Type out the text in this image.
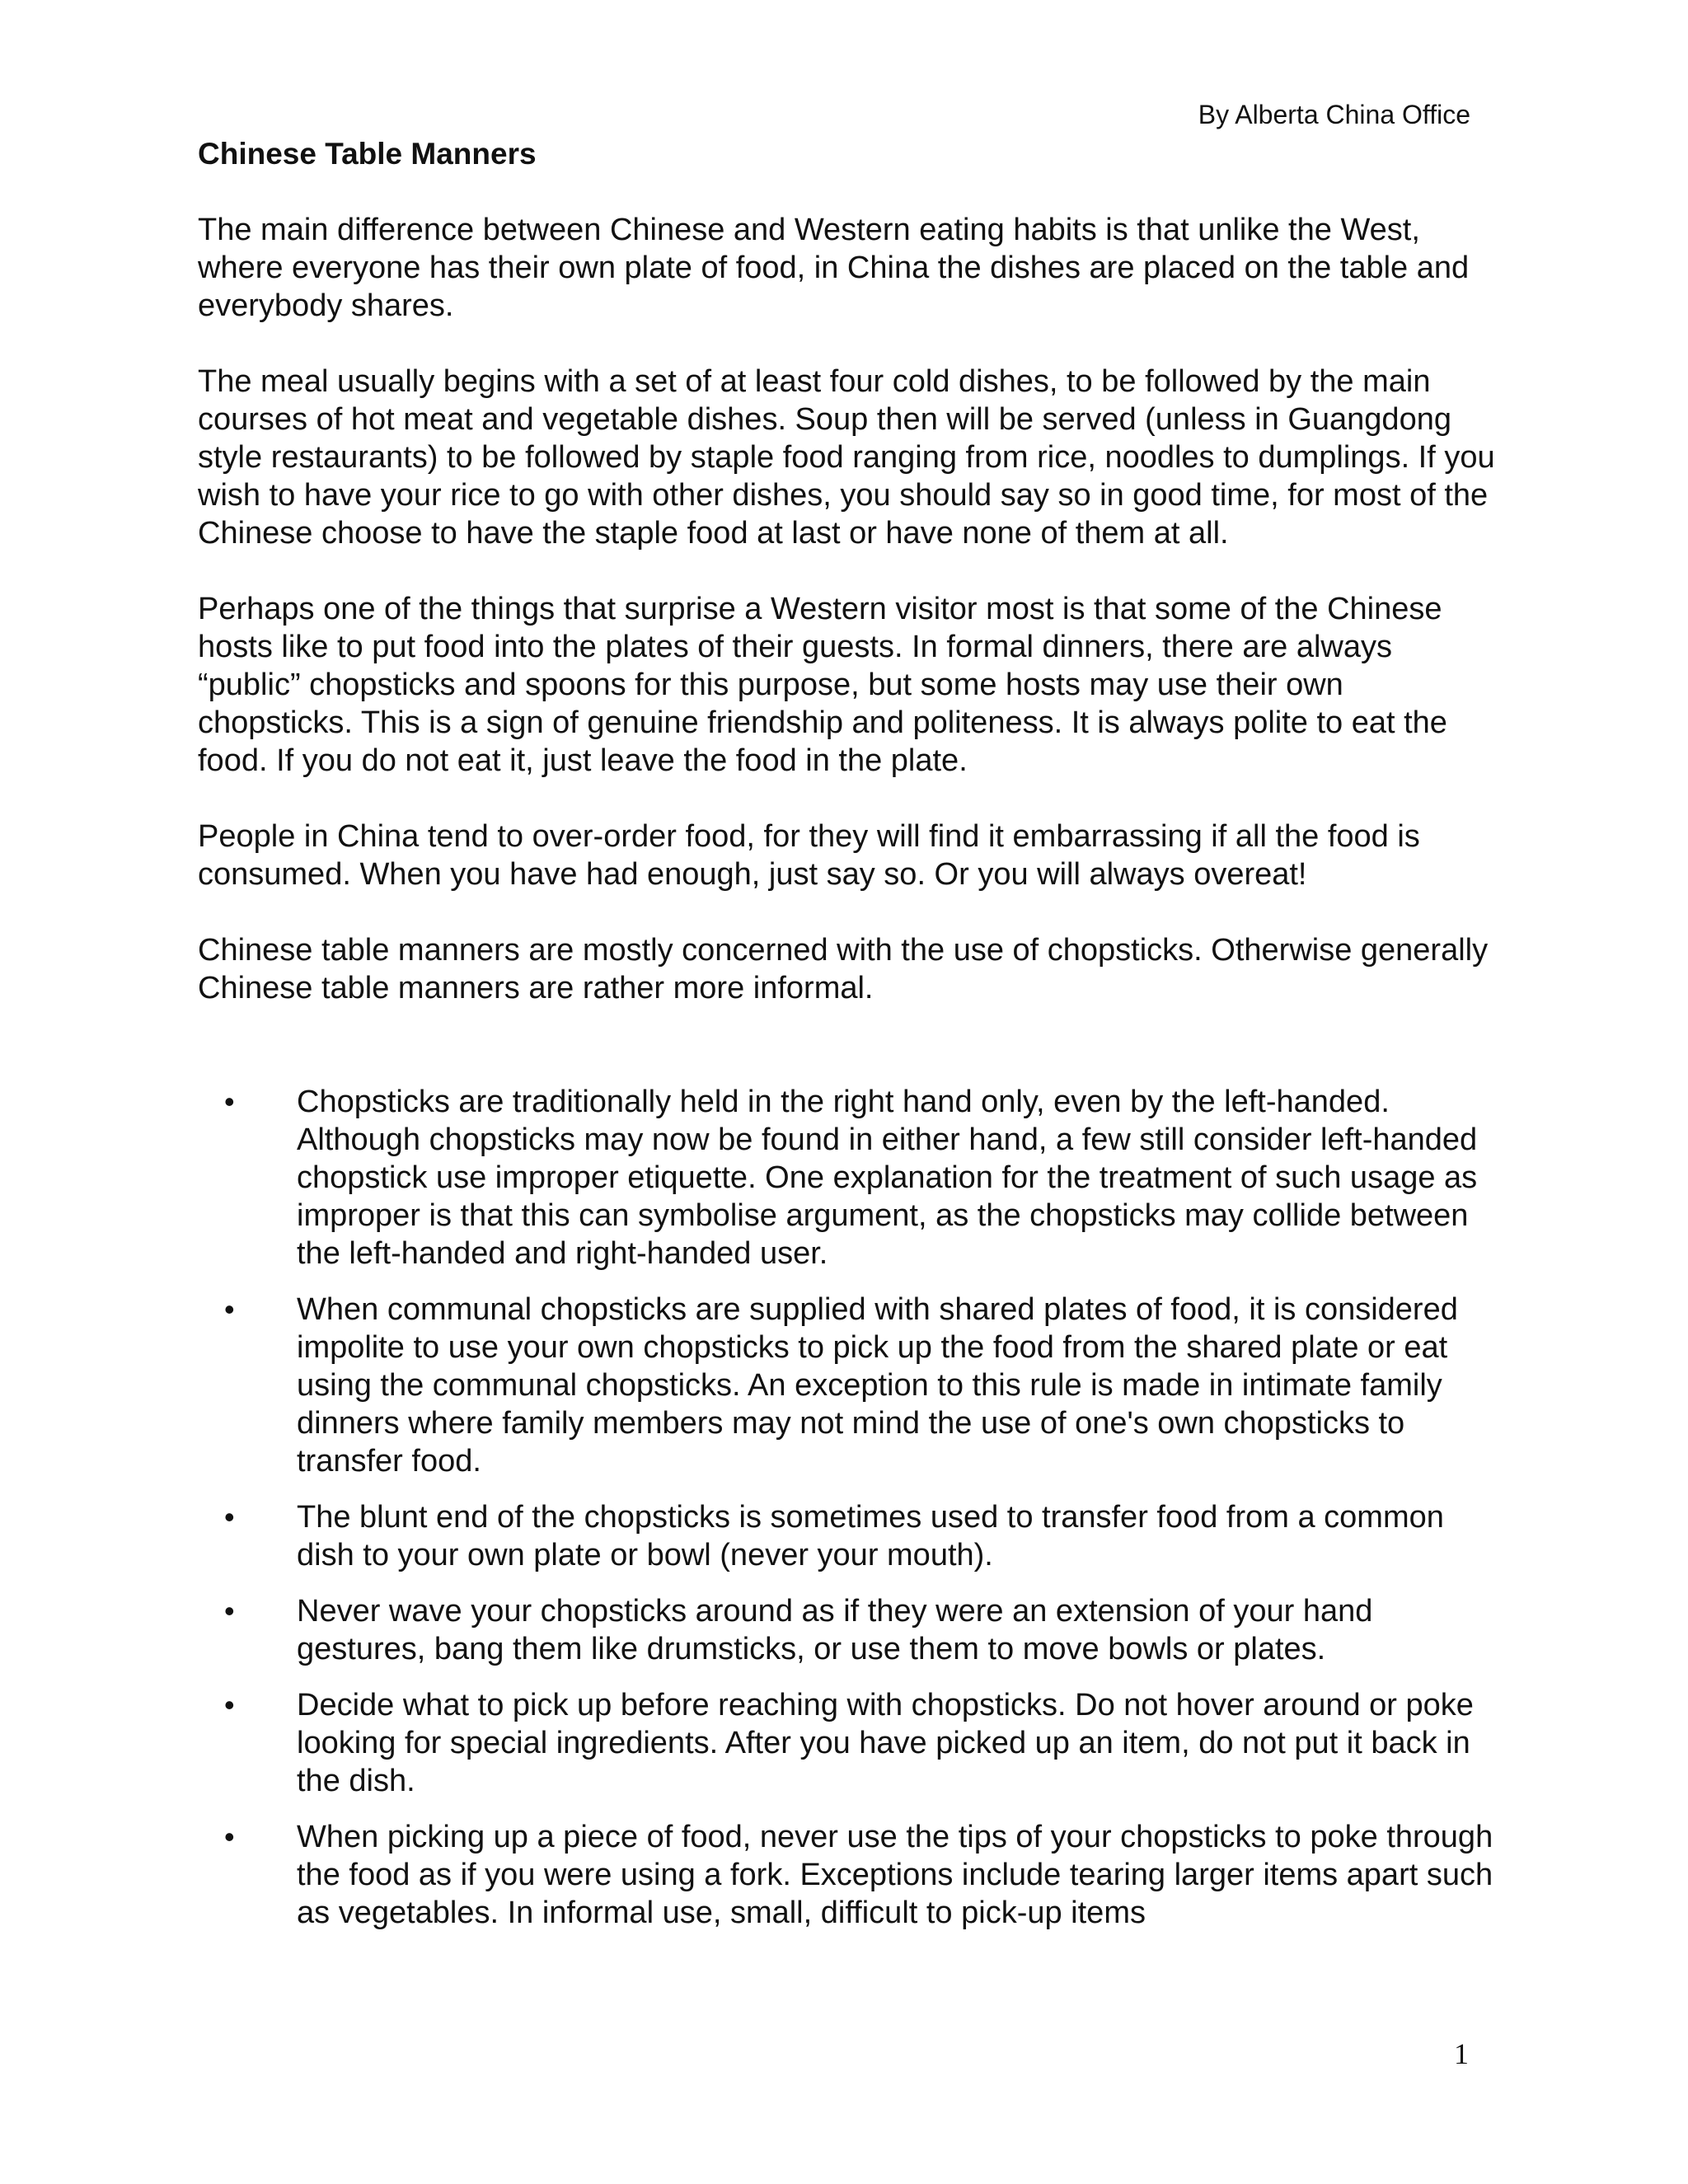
By Alberta China Office
Chinese Table Manners

The main difference between Chinese and Western eating habits is that unlike the West, where everyone has their own plate of food, in China the dishes are placed on the table and everybody shares.

The meal usually begins with a set of at least four cold dishes, to be followed by the main courses of hot meat and vegetable dishes. Soup then will be served (unless in Guangdong style restaurants) to be followed by staple food ranging from rice, noodles to dumplings. If you wish to have your rice to go with other dishes, you should say so in good time, for most of the Chinese choose to have the staple food at last or have none of them at all.

Perhaps one of the things that surprise a Western visitor most is that some of the Chinese hosts like to put food into the plates of their guests. In formal dinners, there are always “public” chopsticks and spoons for this purpose, but some hosts may use their own chopsticks. This is a sign of genuine friendship and politeness. It is always polite to eat the food. If you do not eat it, just leave the food in the plate.

People in China tend to over-order food, for they will find it embarrassing if all the food is consumed. When you have had enough, just say so. Or you will always overeat!

Chinese table manners are mostly concerned with the use of chopsticks. Otherwise generally Chinese table manners are rather more informal.

• Chopsticks are traditionally held in the right hand only, even by the left-handed. Although chopsticks may now be found in either hand, a few still consider left-handed chopstick use improper etiquette. One explanation for the treatment of such usage as improper is that this can symbolise argument, as the chopsticks may collide between the left-handed and right-handed user.
• When communal chopsticks are supplied with shared plates of food, it is considered impolite to use your own chopsticks to pick up the food from the shared plate or eat using the communal chopsticks. An exception to this rule is made in intimate family dinners where family members may not mind the use of one's own chopsticks to transfer food.
• The blunt end of the chopsticks is sometimes used to transfer food from a common dish to your own plate or bowl (never your mouth).
• Never wave your chopsticks around as if they were an extension of your hand gestures, bang them like drumsticks, or use them to move bowls or plates.
• Decide what to pick up before reaching with chopsticks. Do not hover around or poke looking for special ingredients. After you have picked up an item, do not put it back in the dish.
• When picking up a piece of food, never use the tips of your chopsticks to poke through the food as if you were using a fork. Exceptions include tearing larger items apart such as vegetables. In informal use, small, difficult to pick-up items
1
